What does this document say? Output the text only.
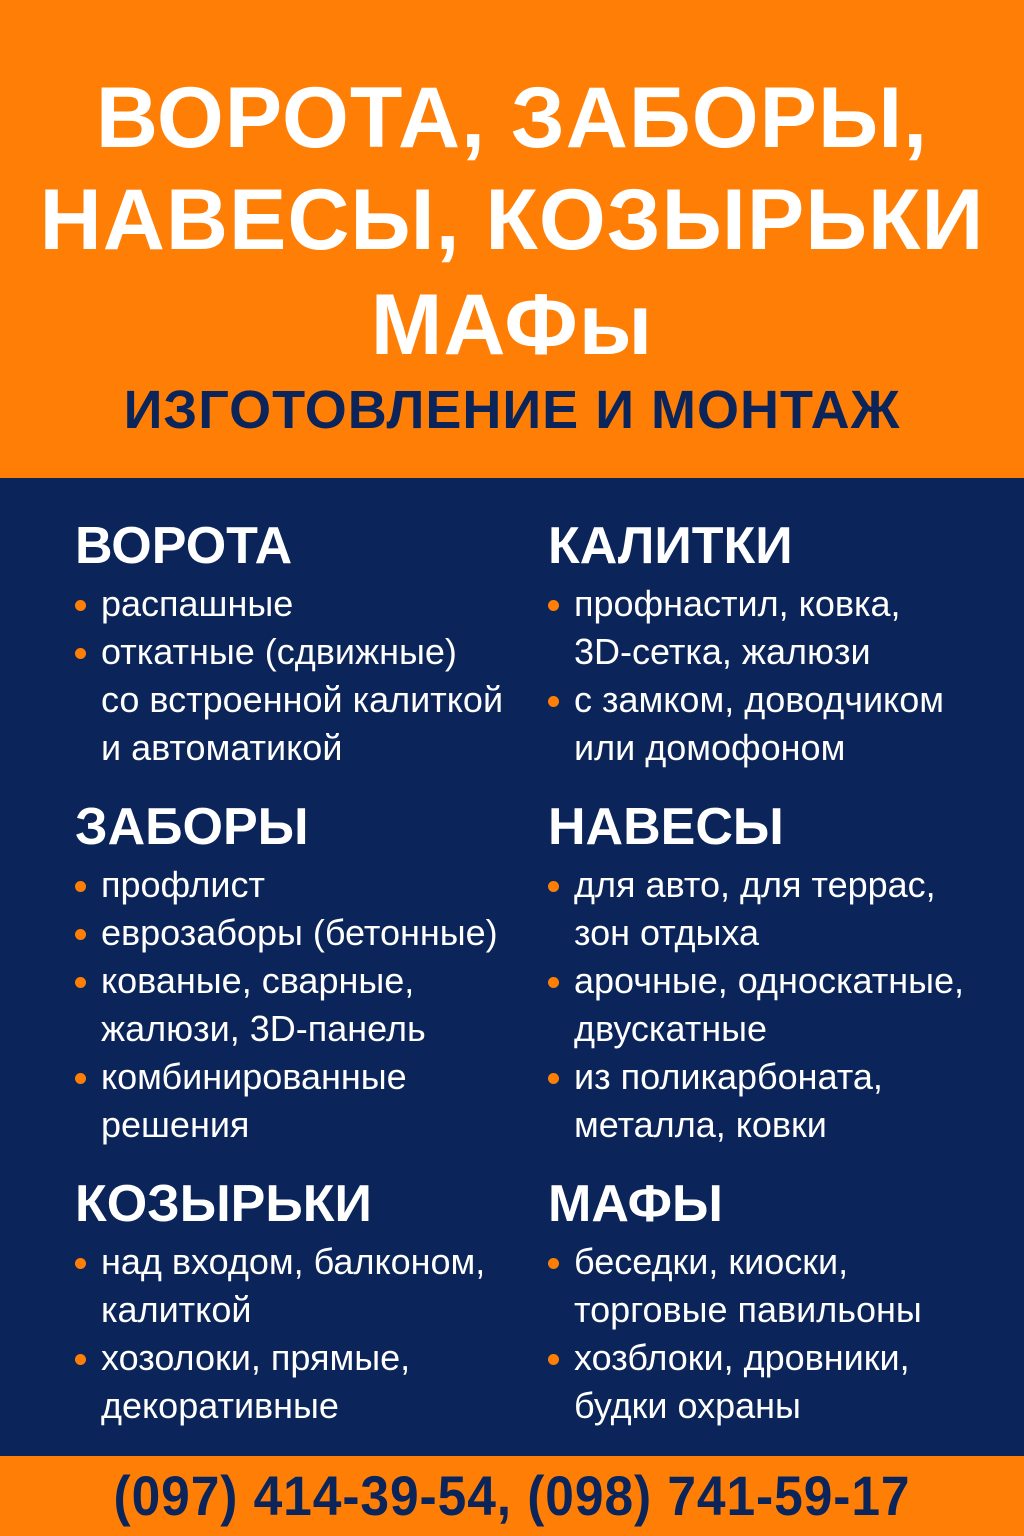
ВОРОТА, ЗАБОРЫ,
НАВЕСЫ, КОЗЫРЬКИ
МАФы
ИЗГОТОВЛЕНИЕ И МОНТАЖ
ВОРОТА
распашные
откатные (сдвижные)
со встроенной калиткой
и автоматикой
КАЛИТКИ
профнастил, ковка,
3D-сетка, жалюзи
с замком, доводчиком
или домофоном
ЗАБОРЫ
профлист
еврозаборы (бетонные)
кованые, сварные,
жалюзи, 3D-панель
комбинированные
решения
НАВЕСЫ
для авто, для террас,
зон отдыха
арочные, односкатные,
двускатные
из поликарбоната,
металла, ковки
КОЗЫРЬКИ
над входом, балконом,
калиткой
хозолоки, прямые,
декоративные
МАФЫ
беседки, киоски,
торговые павильоны
хозблоки, дровники,
будки охраны
(097) 414-39-54, (098) 741-59-17
